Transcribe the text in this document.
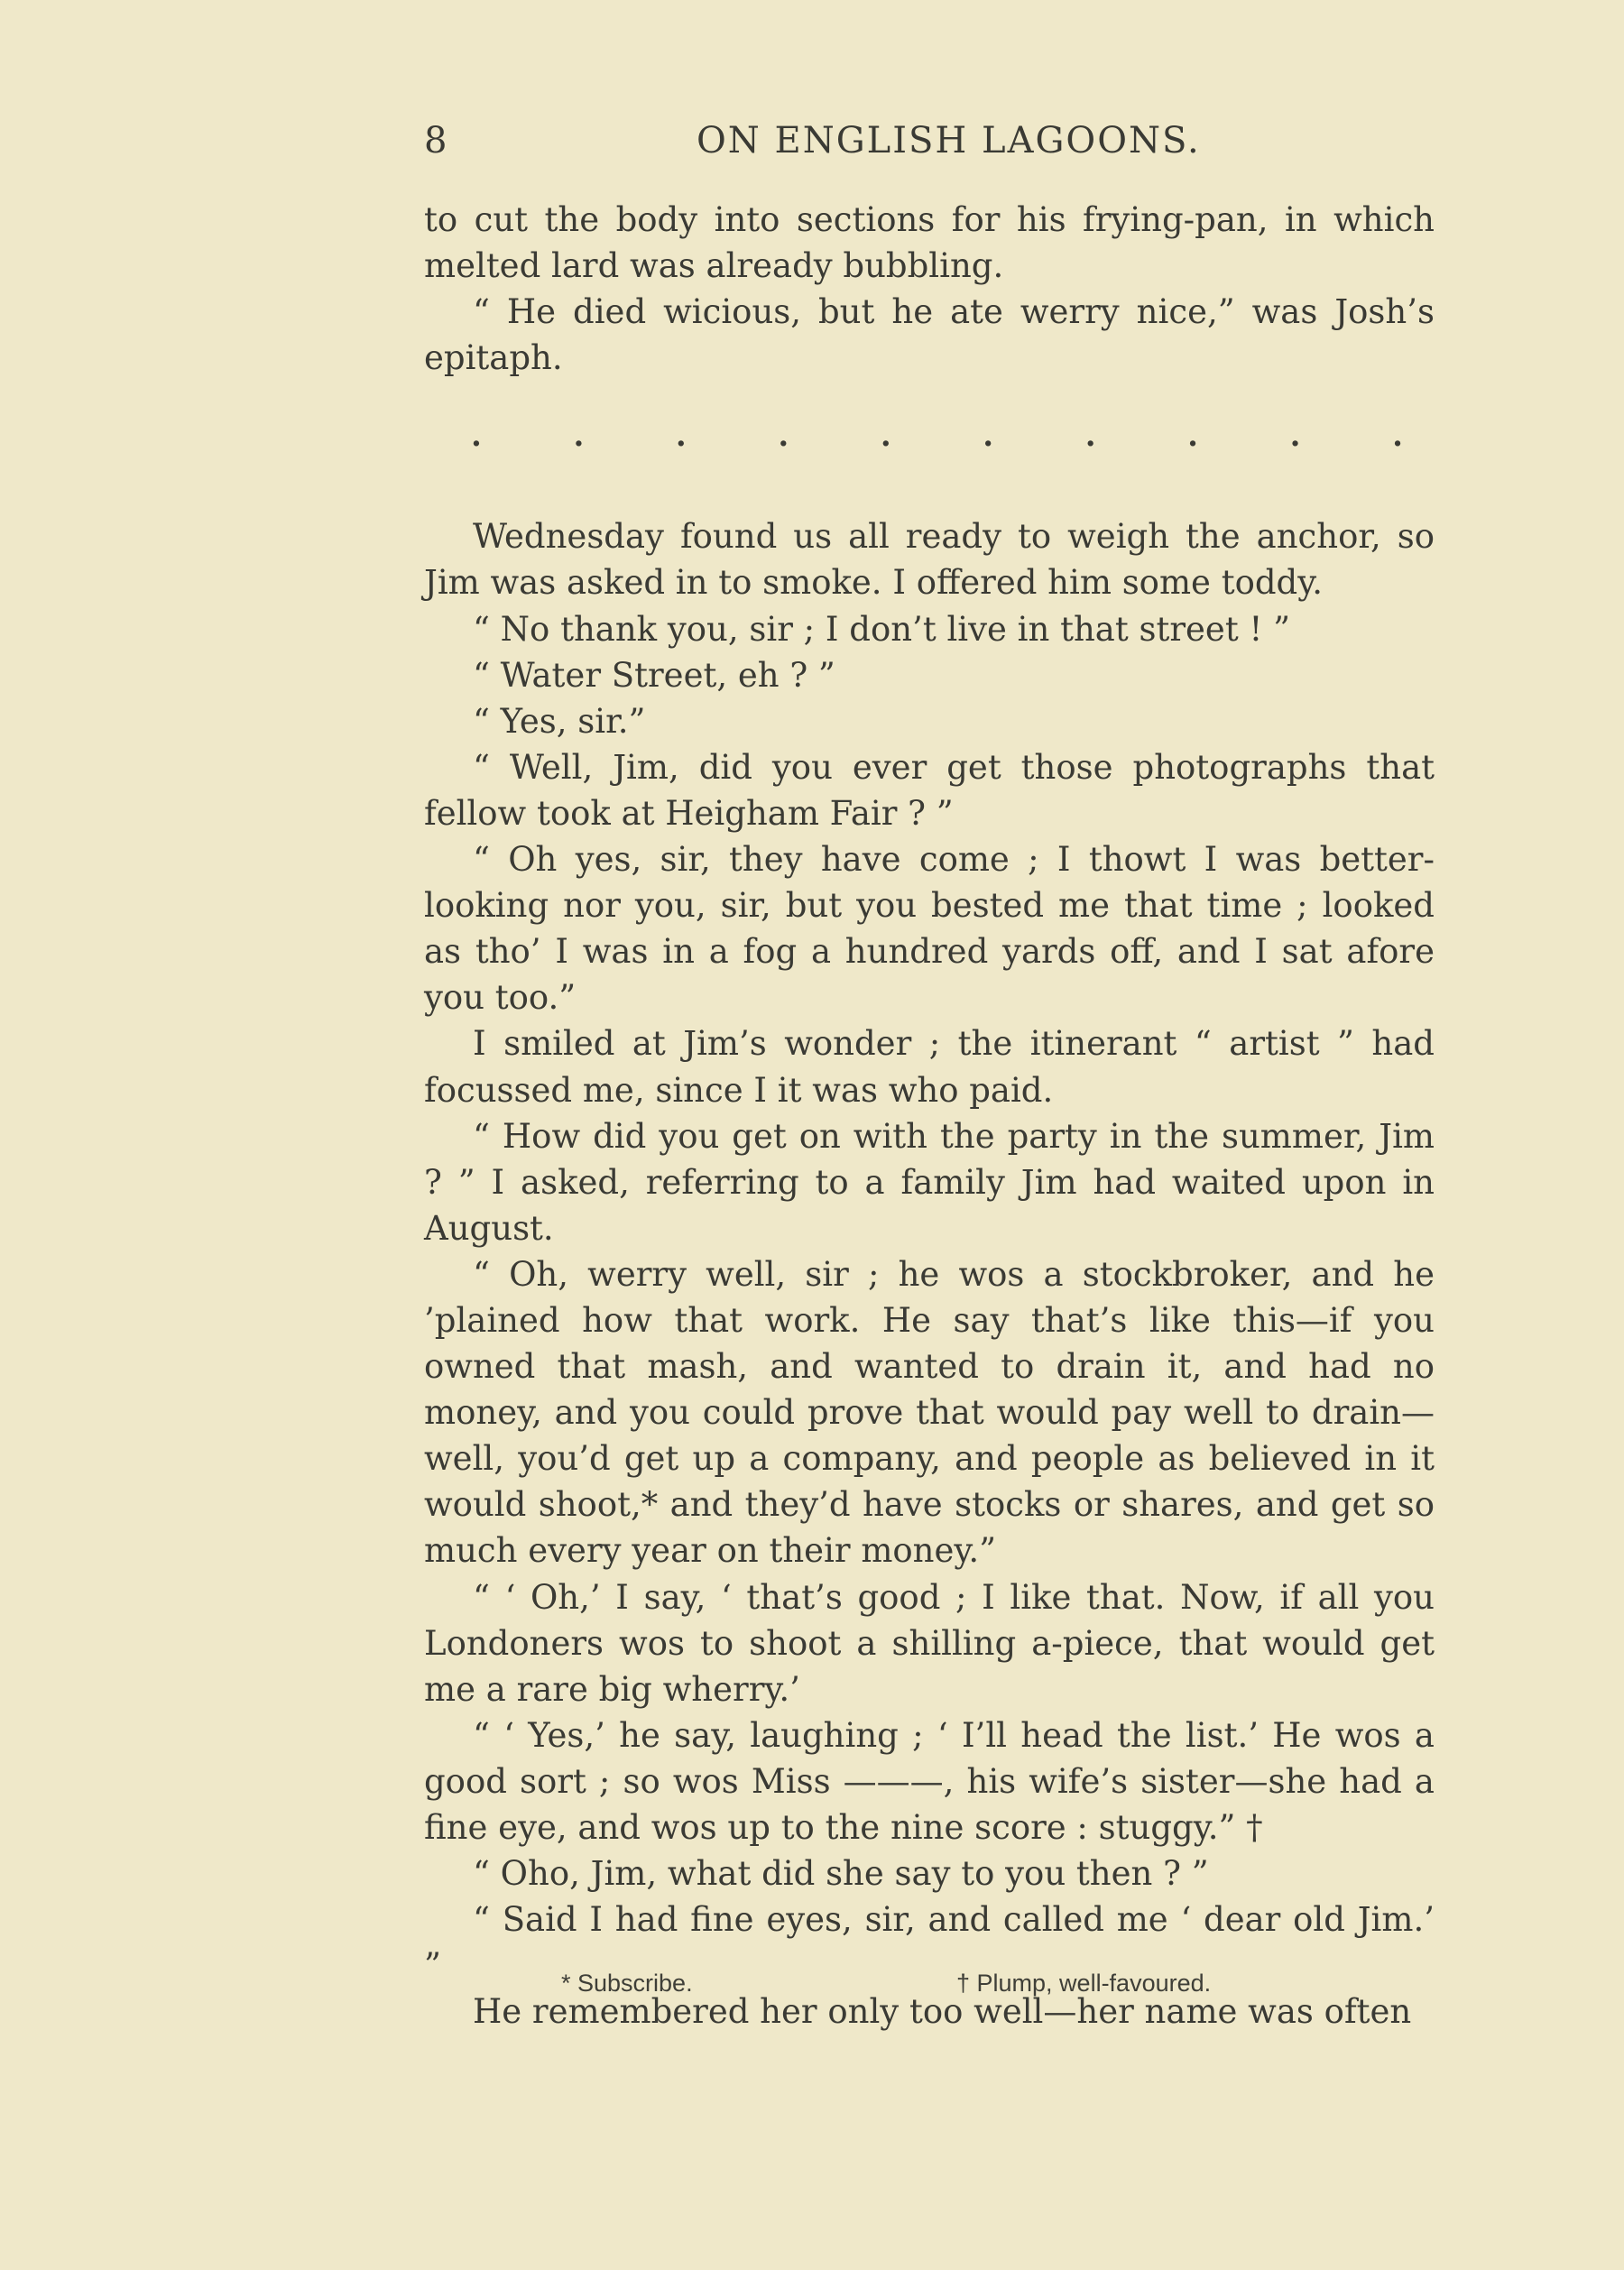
8	ON ENGLISH LAGOONS.

to cut the body into sections for his frying-pan, in which melted lard was already bubbling.

“ He died wicious, but he ate werry nice,” was Josh’s epitaph.

.	.	.	.	.	.	.	.	.	.

Wednesday found us all ready to weigh the anchor, so Jim was asked in to smoke. I offered him some toddy.

“ No thank you, sir ; I don’t live in that street ! ”

“ Water Street, eh ? ”

“ Yes, sir.”

“ Well, Jim, did you ever get those photographs that fellow took at Heigham Fair ? ”

“ Oh yes, sir, they have come ; I thowt I was better-looking nor you, sir, but you bested me that time ; looked as tho’ I was in a fog a hundred yards off, and I sat afore you too.”

I smiled at Jim’s wonder ; the itinerant “ artist ” had focussed me, since I it was who paid.

“ How did you get on with the party in the summer, Jim ? ” I asked, referring to a family Jim had waited upon in August.

“ Oh, werry well, sir ; he wos a stockbroker, and he ’plained how that work. He say that’s like this—if you owned that mash, and wanted to drain it, and had no money, and you could prove that would pay well to drain—well, you’d get up a company, and people as believed in it would shoot,* and they’d have stocks or shares, and get so much every year on their money.”

“ ‘ Oh,’ I say, ‘ that’s good ; I like that. Now, if all you Londoners wos to shoot a shilling a-piece, that would get me a rare big wherry.’

“ ‘ Yes,’ he say, laughing ; ‘ I’ll head the list.’ He wos a good sort ; so wos Miss ———, his wife’s sister—she had a fine eye, and wos up to the nine score : stuggy.” †

“ Oho, Jim, what did she say to you then ? ”

“ Said I had fine eyes, sir, and called me ‘ dear old Jim.’ ”

He remembered her only too well—her name was often

* Subscribe.	† Plump, well-favoured.
